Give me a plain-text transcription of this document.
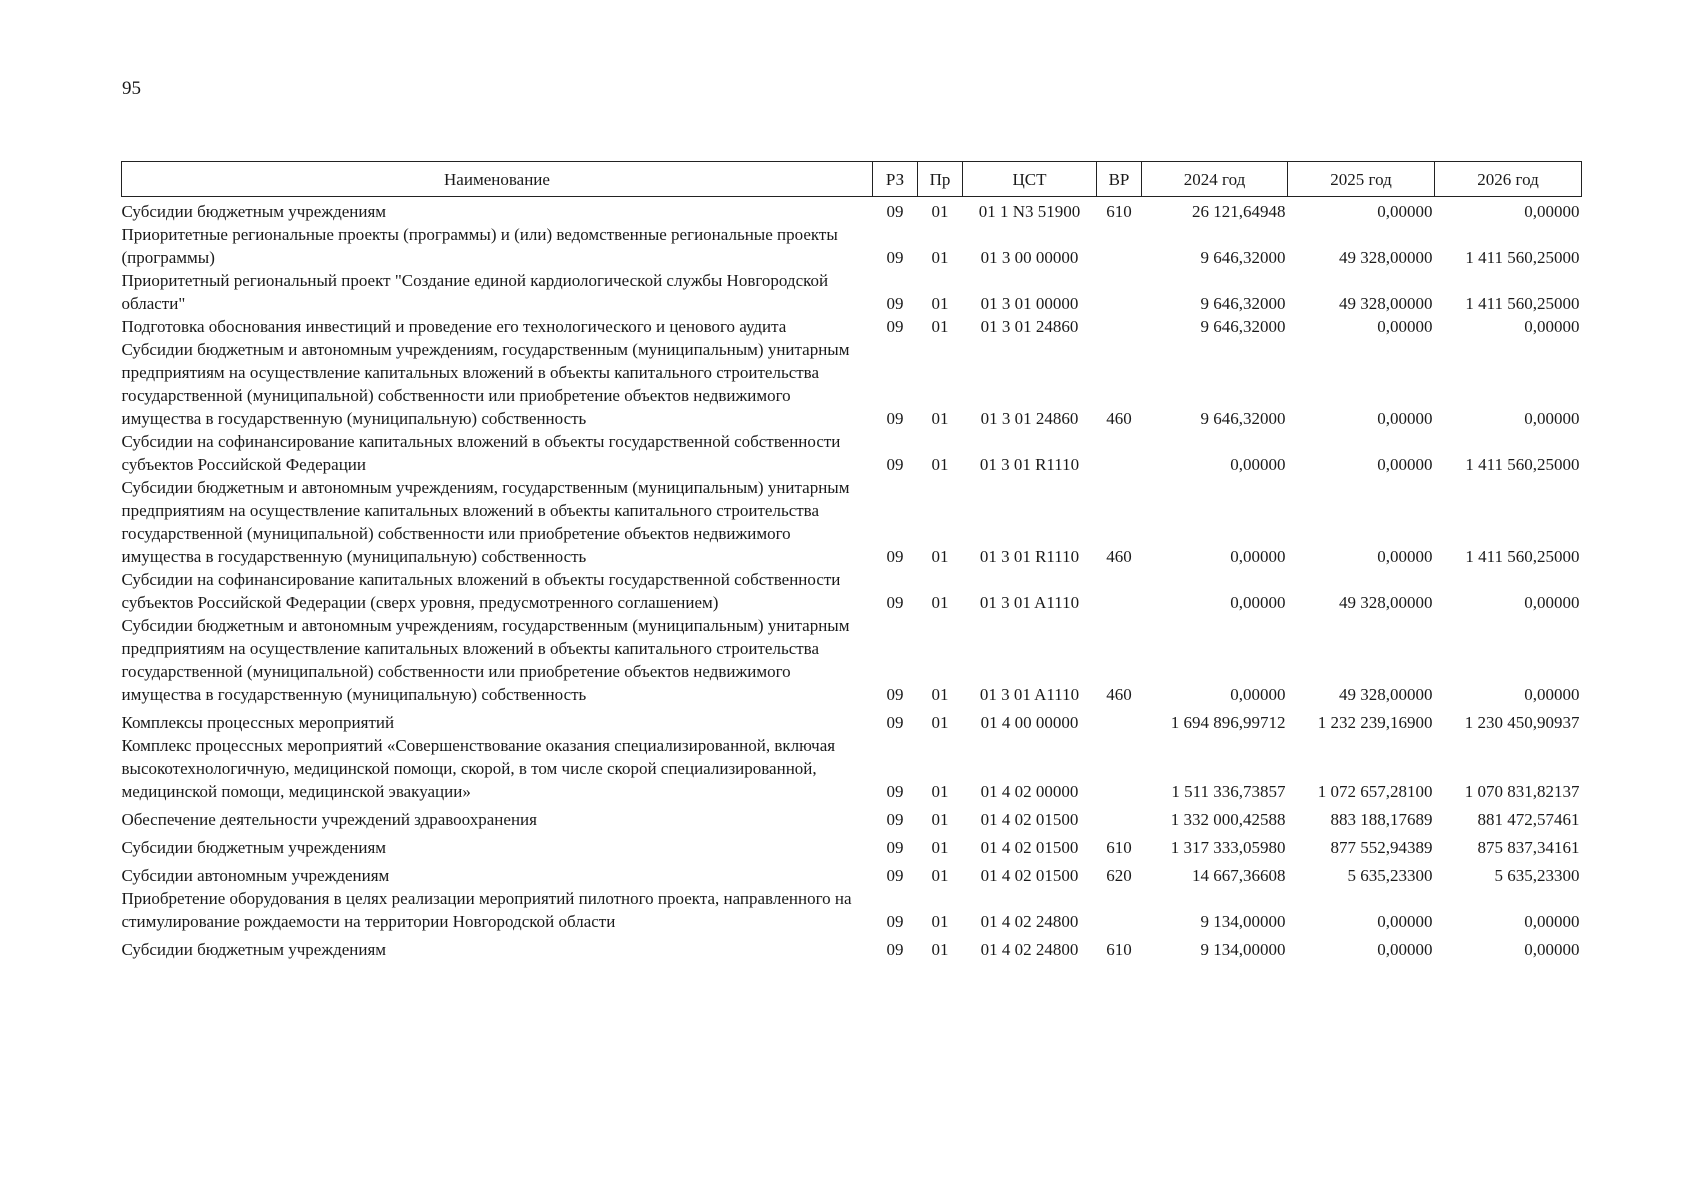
95
Наименование	РЗ	Пр	ЦСТ	ВР	2024 год	2025 год	2026 год
Субсидии бюджетным учреждениям	09	01	01 1 N3 51900	610	26 121,64948	0,00000	0,00000
Приоритетные региональные проекты (программы) и (или) ведомственные региональные проекты (программы)	09	01	01 3 00 00000		9 646,32000	49 328,00000	1 411 560,25000
Приоритетный региональный проект "Создание единой кардиологической службы Новгородской области"	09	01	01 3 01 00000		9 646,32000	49 328,00000	1 411 560,25000
Подготовка обоснования инвестиций и проведение его технологического и ценового аудита	09	01	01 3 01 24860		9 646,32000	0,00000	0,00000
Субсидии бюджетным и автономным учреждениям, государственным (муниципальным) унитарным предприятиям на осуществление капитальных вложений в объекты капитального строительства государственной (муниципальной) собственности или приобретение объектов недвижимого имущества в государственную (муниципальную) собственность	09	01	01 3 01 24860	460	9 646,32000	0,00000	0,00000
Субсидии на софинансирование капитальных вложений в объекты государственной собственности субъектов Российской Федерации	09	01	01 3 01 R1110		0,00000	0,00000	1 411 560,25000
Субсидии бюджетным и автономным учреждениям, государственным (муниципальным) унитарным предприятиям на осуществление капитальных вложений в объекты капитального строительства государственной (муниципальной) собственности или приобретение объектов недвижимого имущества в государственную (муниципальную) собственность	09	01	01 3 01 R1110	460	0,00000	0,00000	1 411 560,25000
Субсидии на софинансирование капитальных вложений в объекты государственной собственности субъектов Российской Федерации (сверх уровня, предусмотренного соглашением)	09	01	01 3 01 A1110		0,00000	49 328,00000	0,00000
Субсидии бюджетным и автономным учреждениям, государственным (муниципальным) унитарным предприятиям на осуществление капитальных вложений в объекты капитального строительства государственной (муниципальной) собственности или приобретение объектов недвижимого имущества в государственную (муниципальную) собственность	09	01	01 3 01 A1110	460	0,00000	49 328,00000	0,00000
Комплексы процессных мероприятий	09	01	01 4 00 00000		1 694 896,99712	1 232 239,16900	1 230 450,90937
Комплекс процессных мероприятий «Совершенствование оказания специализированной, включая высокотехнологичную, медицинской помощи, скорой, в том числе скорой специализированной, медицинской помощи, медицинской эвакуации»	09	01	01 4 02 00000		1 511 336,73857	1 072 657,28100	1 070 831,82137
Обеспечение деятельности учреждений здравоохранения	09	01	01 4 02 01500		1 332 000,42588	883 188,17689	881 472,57461
Субсидии бюджетным учреждениям	09	01	01 4 02 01500	610	1 317 333,05980	877 552,94389	875 837,34161
Субсидии автономным учреждениям	09	01	01 4 02 01500	620	14 667,36608	5 635,23300	5 635,23300
Приобретение оборудования в целях реализации мероприятий пилотного проекта, направленного на стимулирование рождаемости на территории Новгородской области	09	01	01 4 02 24800		9 134,00000	0,00000	0,00000
Субсидии бюджетным учреждениям	09	01	01 4 02 24800	610	9 134,00000	0,00000	0,00000
